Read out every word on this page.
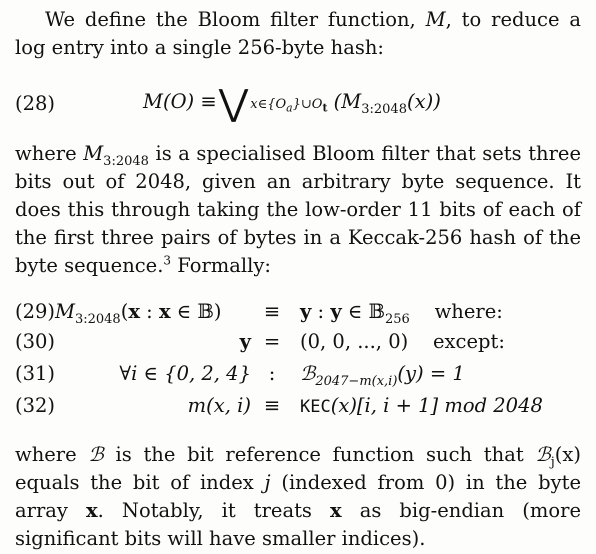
We define the Bloom filter function, M, to reduce a log entry into a single 256-byte hash:

(28)	M(O) ≡⋁ $x\in\{O_a\}\cup O_t$ $(M_{3:2048}(x))$

where $M_{3:2048}$ is a specialised Bloom filter that sets three bits out of 2048, given an arbitrary byte sequence. It does this through taking the low-order 11 bits of each of the first three pairs of bytes in a Keccak-256 hash of the byte sequence.$^3$ Formally:

(29) $M_{3:2048}(x$ : x ∈ 𝔹)	≡	y : y ∈ 𝔹$_{256}$    where:
(30)	y =	(0, 0, ..., 0)    except:
(31)	∀i ∈ {0, 2, 4} :	ℬ$_{2047-m(x,i)}$(y) = 1
(32)	m(x, i) ≡	KEC(x)[i, i + 1] mod 2048

where ℬ is the bit reference function such that ℬ$_j$(x) equals the bit of index j (indexed from 0) in the byte array x. Notably, it treats x as big-endian (more significant bits will have smaller indices).
